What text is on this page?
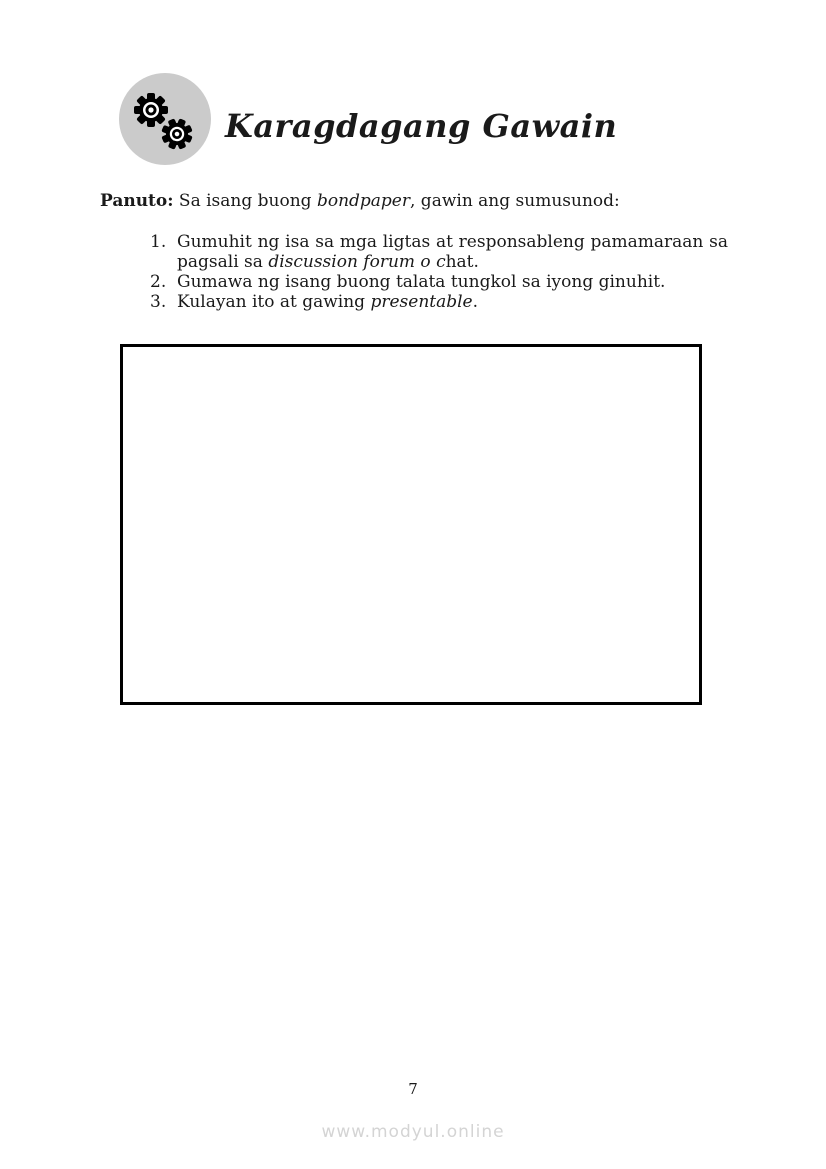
Karagdagang Gawain

Panuto: Sa isang buong bondpaper, gawin ang sumusunod:

1. Gumuhit ng isa sa mga ligtas at responsableng pamamaraan sa pagsali sa discussion forum o chat.
2. Gumawa ng isang buong talata tungkol sa iyong ginuhit.
3. Kulayan ito at gawing presentable.
7
www.modyul.online
